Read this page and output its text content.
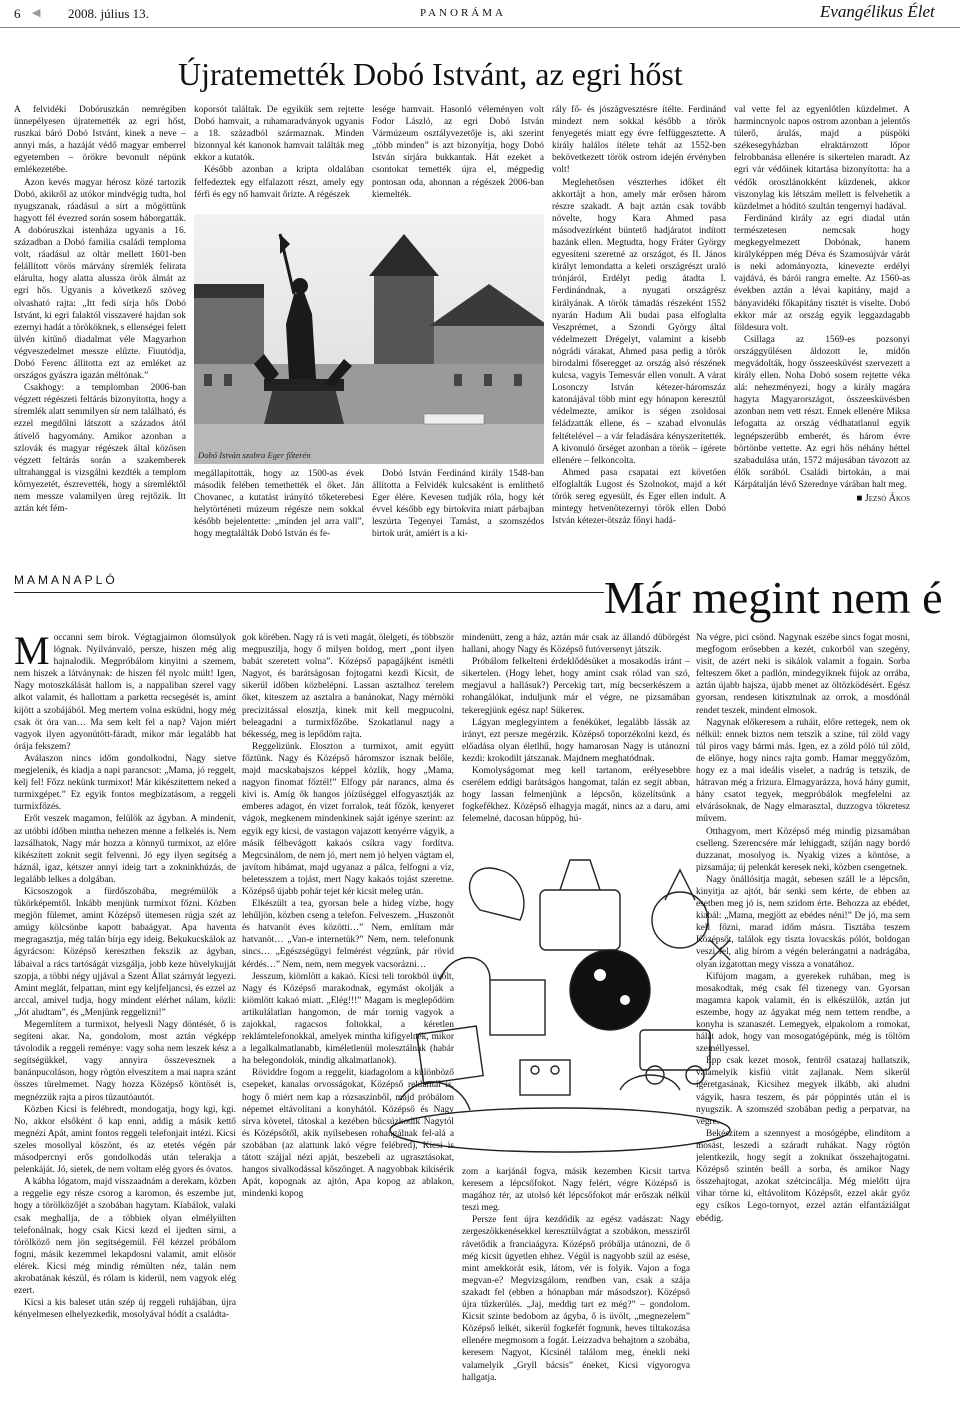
6 ◀ 2008. július 13.	PANORÁMA	Evangélikus Élet
Újratemették Dobó Istvánt, az egri hőst

A felvidéki Dobóruszkán nemrégiben ünnepélyesen újratemették az egri hőst, ruszkai báró Dobó Istvánt, kinek a neve – annyi más, a hazáját védő magyar emberrel egyetemben – örökre bevonult népünk emlékezetébe.

Azon kevés magyar hérosz közé tartozik Dobó, akikről az utókor mindvégig tudta, hol nyugszanak, ráadásul a sírt a mögöttünk hagyott fél évezred során sosem háborgatták. A dobóruszkai istenháza ugyanis a 16. században a Dobó família családi temploma volt, ráadásul az oltár mellett 1601-ben felállított vörös márvány síremlék felirata elárulta, hogy alatta alussza örök álmát az egri hős. Ugyanis a következő szöveg olvasható rajta: „Itt fedi sírja hős Dobó Istvánt, ki egri falaktól visszaveré hajdan sok ezernyi hadát a törököknek, s ellenségei felett ülvén kitűnő diadalmat véle Magyarhon végveszedelmet messze elűzte. Fiuutódja, Dobó Ferenc állította ezt az emléket az országos gyászra igazán méltónak.”

Csakhogy: a templomban 2006-ban végzett régészeti feltárás bizonyította, hogy a síremlék alatt semmilyen sír nem található, és ezzel megdőlni látszott a százados ától átívelő hagyomány. Amikor azonban a szlovák és magyar régészek által közösen végzett feltárás során a szakemberek ultrahanggal is vizsgálni kezdték a templom környezetét, észrevették, hogy a síremléktől nem messze valamilyen üreg rejtőzik. Itt aztán két fém-

koporsót találtak. De egyikük sem rejtette Dobó hamvait, a ruhamaradványok ugyanis a 18. századból származnak. Minden bizonnyal két kanonok hamvait találták meg ekkor a kutatók.

Később azonban a kripta oldalában felfedeztek egy elfalazott részt, amely egy férfi és egy nő hamvait őrizte. A régészek

leségе hamvait. Hasonló véleményen volt Fodor László, az egri Dobó István Vármúzeum osztályvezetője is, aki szerint „több minden” is azt bizonyítja, hogy Dobó István sírjára bukkantak. Hát ezeket a csontokat temették újra el, mégpedig pontosan oda, ahonnan a régészek 2006-ban kiemelték.

Dobó István szobra Eger főterén

megállapították, hogy az 1500-as évek második felében temethették el őket. Ján Chovanec, a kutatást irányító tőketerebesi helytörténeti múzeum régésze nem sokkal később bejelentette: „minden jel arra vall”, hogy megtalálták Dobó István és fe-

Dobó István Ferdinánd király 1548-ban állította a Felvidék kulcsaként is említhető Eger élére. Kevesen tudják róla, hogy két évvel később egy birtokvita miatt párbajban leszúrta Tegenyei Tamást, a szomszédos birtok urát, amiért is a ki-

rály fő- és jószágvesztésre ítélte. Ferdinánd mindezt nem sokkal később a török fenyegetés miatt egy évre felfüggesztette. A király halálos ítélete tehát az 1552-ben bekövetkezett török ostrom idején érvényben volt!

Meglehetősen vészterhes időket élt akkortájt a hon, amely már erősen három részre szakadt. A bajt aztán csak tovább növelte, hogy Kara Ahmed pasa másodvezírként büntető hadjáratot indított hazánk ellen. Megtudta, hogy Fráter György egyesíteni szeretné az országot, és II. János királyt lemondatta a keleti országrészt uraló trónjáról, Erdélyt pedig átadta I. Ferdinándnak, a nyugati országrész királyának. A török támadás részeként 1552 nyarán Hadum Ali budai pasa elfoglalta Veszprémet, a Szondi György által védelmezett Drégelyt, valamint a kisebb nógrádi várakat, Ahmed pasa pedig a török birodalmi főseregget az ország alsó részének kulcsa, vagyis Temesvár ellen vonult. A várat Losonczy István kétezer-háromszáz katonájával több mint egy hónapon keresztül védelmezte, amikor is ségen zsoldosai feládzatták ellene, és – szabad elvonulás feltételével – a vár feladására kényszerítették. A kivonuló őrséget azonban a török – ígérete ellenére – felkoncolta.

Ahmed pasa csapatai ezt követően elfoglalták Lugost és Szolnokot, majd a két török sereg egyesült, és Eger ellen indult. A mintegy hetvenötezernyi török ellen Dobó István kétezer-ötszáz főnyi hadá-

val vette fel az egyenlőtlen küzdelmet. A harmincnyolc napos ostrom azonban a jelentős túlerő, árulás, majd a püspöki székesegyházban elraktározott lőpor felrobbanása ellenére is sikertelen maradt. Az egri vár védőinek kitartása bizonyította: ha a védők oroszlánokként küzdenek, akkor viszonylag kis létszám mellett is felvehetik a küzdelmet a hódító szultán tengernyi hadával.

Ferdinánd király az egri diadal után természetesen nemcsak hogy megkegyelmezett Dobónak, hanem királyképpen még Déva és Szamosújvár várát is neki adományozta, kinevezte erdélyi vajdává, és bárói rangra emelte. Az 1560-as években aztán a lévai kapitány, majd a bányavidéki főkapitány tisztét is viselte. Dobó ekkor már az ország egyik leggazdagabb földesura volt.

Csillaga az 1569-es pozsonyi országgyűlésen áldozott le, midőn megvádolták, hogy összeesküvést szervezett a király ellen. Noha Dobó sosem rejtette véka alá: nehezményezi, hogy a király magára hagyta Magyarországot, összeesküvésben azonban nem vett részt. Ennek ellenére Miksa lefogatta az ország védhatatlanul egyik legnépszerűbb emberét, és három évre börtönbe vettette. Az egri hős néhány héttel szabadulása után, 1572 májusában távozott az élők sorából. Családi birtokán, a mai Kárpátalján lévő Szerednye várában halt meg.

■ Jezsó Ákos
MAMANAPLÓ	Már megint nem é

Moccanni sem bírok. Végtagjaimon ólomsúlyok lógnak. Nyilvánvaló, persze, hiszen még alig hajnalodik. Megpróbálom kinyitni a szemem, nem hiszek a látványnak: de hiszen fél nyolc múlt! Igen, Nagy motoszkálását hallom is, a nappaliban szerel vagy alkot valamit, és hallottam a parketta recsegését is, amint kijött a szobájából. Meg mertem volna esküdni, hogy még csak öt óra van… Ma sem kelt fel a nap? Vajon miért vagyok ilyen agyonütött-fáradt, mikor már legalább hat órája fekszem?

Aválaszon nincs időm gondolkodni, Nagy sietve megjelenik, és kiadja a napi parancsot: „Mama, jó reggelt, kelj fel! Főzz nekünk turmixot! Már kikészítettem neked a turmixgépet.” Ez egyik fontos megbízatásom, a reggeli turmixfőzés.

Erőt veszek magamon, felülök az ágyban. A mindenit, az utóbbi időben mintha nehezen menne a felkelés is. Nem lazsálhatok, Nagy már hozza a könnyű turmixot, az előre kikészített zoknit segít felvenni. Jó egy ilyen segítség a háznál, igaz, kétszer annyi ideig tart a zokninkhúzás, de legalább lelkes a dolgában.

Kicsoszogok a fürdőszobába, megrémülök a tükörképemtől. Inkább menjünk turmixot főzni. Közben megjön fülemet, amint Középső ütemesen rúgja szét az amúgy kölcsönbe kapott babaágyat. Apa haventa megragasztja, még talán bírja egy ideig. Bekukucskálok az ágyrácson: Középső keresztben fekszik az ágyban, lábaival a rács tartóságát vizsgálja, jobb keze hüvelykujját szopja, a többi négy ujjával a Szent Állat szárnyát legyezi. Amint meglát, felpattan, mint egy keljfeljancsi, és ezzel az arccal, amivel tudja, hogy mindent elérhet nálam, közli: „Jót aludtam”, és „Menjünk reggelizni!”

Megemlítem a turmixot, helyesli Nagy döntését, ő is segíteni akar. Na, gondolom, most aztán végképp távolodik a reggeli reménye: vagy soha nem leszek kész a segítségükkel, vagy annyira összevesznek a banánpucoláson, hogy rögtön elveszítem a mai napra szánt összes türelmemet. Nagy hozza Középső köntösét is, megnézzük rajta a piros tűzautóautót.

Közben Kicsi is felébredt, mondogatja, hogy kgi, kgi. No, akkor elsőként ő kap enni, addig a másik kettő megnézi Apát, amint fontos reggeli telefonjait intézi. Kicsi szeles mosollyal köszönt, és az etetés végén pár másodpercnyi erős gondolkodás után telerakja a pelenkáját. Jó, sietek, de nem voltam elég gyors és óvatos.

A kábha lógatom, majd visszaadnám a derekam, közben a reggelie egy része csorog a karomon, és eszembe jut, hogy a törölközőjét a szobában hagytam. Kiabálok, valaki csak meghallja, de a többiek olyan elmélyülten telefonálnak, hogy csak Kicsi kezd el ijedten sírni, a törölköző nem jön segítségemül. Fél kézzel próbálom fogni, másik kezemmel lekapdosni valamit, amit elösör elérek. Kicsi még mindig rémülten néz, talán nem akrobatának készül, és rólam is kiderül, nem vagyok elég ezert.

Kicsi a kis baleset után szép új reggeli ruhájában, újra kényelmesen elhelyezkedik, mosolyával hódít a családta-

gok körében. Nagy rá is veti magát, ölelgeti, és többször megpuszilja, hogy ő milyen boldog, mert „pont ilyen babát szeretett volna”. Középső papagájként ismétli Nagyot, és barátságosan fojtogatni kezdi Kicsit, de sikerül időben közbelépni. Lassan asztalhoz terelem őket, kiteszem az asztalra a banánokat, Nagy mérnöki precizitással elosztja, kinek mit kell megpucolni, beleagadni a turmixfőzőbe. Szokatlanul nagy a békesség, meg is lepődöm rajta.

Reggelizünk. Eloszton a turmixot, amit együtt főztünk. Nagy és Középső háromszor isznak belőle, majd macskabajszos képpel közlik, hogy „Mama, nagyon finomat főztél!” Elfogy pár narancs, alma és kivi is. Amíg ők hangos jóízűséggel elfogyasztják az emberes adagot, én vizet forralok, teát főzök, kenyeret vágok, megkenem mindenkinek saját igénye szerint: az egyik egy kicsi, de vastagon vajazott kenyérre vágyik, a másik félbevágott kakaós csíkra vagy fordítva. Megcsinálom, de nem jó, mert nem jó helyen vágtam el, javítom hibámat, majd ugyanaz a pálca, felfogni a víz, beletesszem a tojást, mert Nagy kakaós tojást szeretne. Középső újabb pohár tejet kér kicsit meleg után.

Elkészült a tea, gyorsan bele a hideg vízbe, hogy lehűljön, közben cseng a telefon. Felveszem. „Huszonöt és hatvanöt éves közötti…” Nem, említam már hatvanöt… „Van-e internetük?” Nem, nem. telefonunk sincs… „Egészségügyi felmérést végzünk, pár rövid kérdés…” Nem, nem, nem megyek vacsorázni…

Jesszum, kiömlött a kakaó. Kicsi teli torokból üvölt, Nagy és Középső marakodnak, egymást okolják a kiömlött kakaó miatt. „Elég!!!” Magam is meglepődöm artikulálatlan hangomon, de már tornig vagyok a zajokkal, ragacsos foltokkal, a kéretlen reklámtelefonokkal, amelyek mintha kifigyelnék, mikor a legalkalmatlanabb, kiméletlenül molesztálnak (habár ha belegondolok, mindig alkalmatlanok).

Röviddre fogom a reggelit, kiadagolom a különböző csepeket, kanalas orvosságokat, Középső reklamál is, hogy ő miért nem kap a rózsaszínből, majd próbálom népemet eltávolítani a konyhától. Középső és Nagy sírva követel, tátoskal a kezében bűcsúzkodik Nagytól és Középsőtől, akik nyílsebesen rohangálnak fel-alá a szobában (az alattunk lakó végre felébred), Kicsi is tátott szájjal nézi apját, beszebeli az ugrasztásokat, hangos sivalkodással kőszőnget. A nagyobbak kikísérik Apát, kopognak az ajtón, Apa kopog az ablakon, mindenki kopog

mindenütt, zeng a ház, aztán már csak az állandó dübörgést hallani, ahogy Nagy és Középső futóversenyt játszik.

Próbálom felkelteni érdeklődésüket a mosakodás iránt – sikertelen. (Hogy lehet, hogy amint csak rólad van szó, megjavul a hallásuk?) Percekig tart, míg becserkészem a rohangálókat, induljunk már el végre, ne pizsamában tekeregjünk egész nap! Sükeтек.

Lágyan meglegyintem a fenéküket, legalább lássák az irányt, ezt persze megérzik. Középső toporzékolni kezd, és előadása olyan életlhű, hogy hamarosan Nagy is utánozni kezdi: krokodilt játszanak. Majdnem meghatódnak.

Komolyságomat meg kell tartanom, erélyesebbre cserélem eddigi barátságos hangomat, talán ez segít abban, hogy lassan felmenjünk a lépcsőn, közelítsünk a fogkefékhez. Középső elhagyja magát, nincs az a daru, ami felemelné, dacosan hüppög, hú-

zom a karjánál fogva, másik kezemben Kicsit tartva keresem a lépcsőfokot. Nagy felért, végre Középső is magához tér, az utolsó két lépcsőfokot már erőszak nélkül teszi meg.

Persze fent újra kezdődik az egész vadászat: Nagy zergeszökkenésekkel keresztülvágtat a szobákon, messziről rávetődik a franciaágyra. Középső próbálja utánozni, de ő még kicsit ügyetlen ehhez. Végül is nagyobb szül az esése, mint amekkorát esik, látom, vér is folyik. Vajon a foga megvan-e? Megvizsgálom, rendben van, csak a szája szakadt fel (ebben a hónapban már másodszor). Középső újra tűzkerülés. „Jaj, meddig tart ez még?” – gondolom. Kicsit szinte bedobom az ágyba, ő is üvölt, „megnezelem” Középső lelkét, sikerül fogkefét fognunk, heves tiltakozása ellenére megmosom a fogát. Leizzadva behajtom a szobába, keresem Nagyot, Kicsinél találom meg, énekli neki valamelyik „Gryll bácsis” éneket, Kicsi vigyorogva hallgatja.

Na végre, pici csönd. Nagynak eszébe sincs fogat mosni, megfogom erősebben a kezét, cukorból van szegény, visit, de azért neki is sikálok valamit a fogain. Sorba felteszem őket a padlón, mindegyiknek fújok az orrába, aztán újabb hajsza, újabb menet az öltözködésért. Egész gyorsan, rendesen kitisztulnak az orrok, a mosdónál rendet teszek, mindent elmosok.

Nagynak előkeresem a ruháit, előre rettegek, nem ok nélkül: ennek biztos nem tetszik a színe, túl zöld vagy túl piros vagy bármi más. Igen, ez a zöld póló túl zöld, de előnye, hogy nincs rajta gomb. Hamar meggyőzöm, hogy ez a mai ideális viselet, a nadrág is tetszik, de hátravan még a frizura. Elmagyarázza, hová hány gumit, hány csatot tegyek, megpróbálok megfelelni az elvárásoknak, de Nagy elmarasztal, duzzogva tökretesz művem.

Otthagyom, mert Középső még mindig pizsamában cselleng. Szerencsére már lehiggadt, szíján nagy bordó duzzanat, mosolyog is. Nyakig vizes a köntöse, a pizsamája; új pelenkát keresek neki, közben csengetnek.

Nagy önállósítja magát, sebesen száll le a lépcsőn, kinyitja az ajtót, bár senki sem kérte, de ebben az esetben meg jó is, nem szidom érte. Behozza az ebédet, kiabál: „Mama, megjött az ebédes néni!” De jó, ma sem kell főzni, marad időm másra. Tisztába teszem Középsőt, találok egy tiszta lovacskás pólót, boldogan veszi fel, alig bírom a végén belerángatni a nadrágába, olyan izgatottan megy vissza a vonatához.

Kifújom magam, a gyerekek ruhában, meg is mosakodtak, még csak fél tizenegy van. Gyorsan magamra kapok valamit, én is elkészülök, aztán jut eszembe, hogy az ágyakat még nem tettem rendbe, a konyha is szanaszét. Lemegyek, elpakolom a romokat, hálát adok, hogy van mosogatógépünk, még is töltöm személlyessel.

Épp csak kezet mosok, fentről csatazaj hallatszik, valamelyik kisfiú vitát zajlanak. Nem sikerül ígéretgasának, Kicsihez megyek ilkább, aki aludni vágyik, hasra teszem, és pár pöppintés után el is nyugszik. A szomszéd szobában pedig a perpatvar, na végre.

Bekészítem a szennyest a mosógépbe, elindítom a mosást, leszedi a száradt ruhákat. Nagy rögtön jelentkezik, hogy segít a zoknikat összehajtogatni. Középső szintén beáll a sorba, és amikor Nagy összehajtogat, azokat szétcincálja. Még mielőtt újra vihar törne ki, eltávolítom Középsőt, ezzel akár győz egy csíkos Lego-tornyot, ezzel aztán elfantáziálgat ebédig.
